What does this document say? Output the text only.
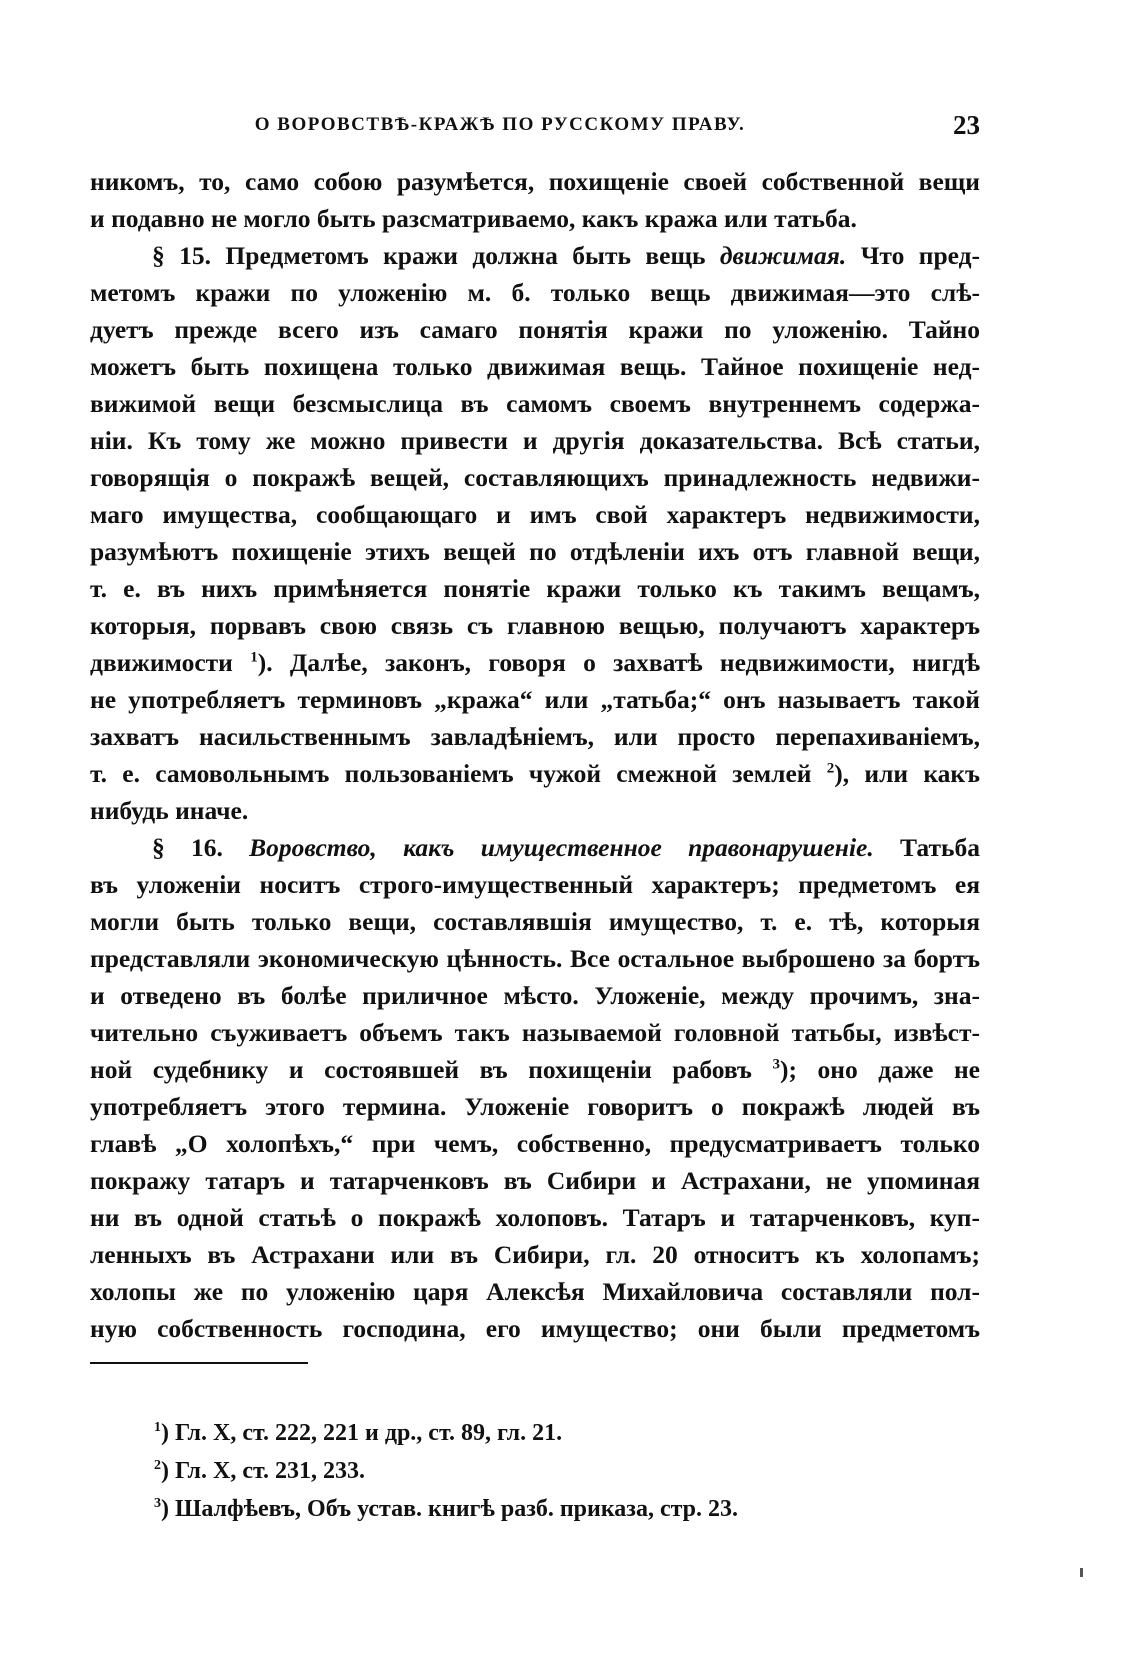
О ВОРОВСТВѢ-КРАЖѢ ПО РУССКОМУ ПРАВУ.	23

никомъ, то, само собою разумѣется, похищеніе своей собственной вещи
и подавно не могло быть разсматриваемо, какъ кража или татьба.

§ 15. Предметомъ кражи должна быть вещь движимая. Что пред-
метомъ кражи по уложенію м. б. только вещь движимая—это слѣ-
дуетъ прежде всего изъ самаго понятія кражи по уложенію. Тайно
можетъ быть похищена только движимая вещь. Тайное похищеніе нед-
вижимой вещи безсмыслица въ самомъ своемъ внутреннемъ содержа-
ніи. Къ тому же можно привести и другія доказательства. Всѣ статьи,
говорящія о покражѣ вещей, составляющихъ принадлежность недвижи-
маго имущества, сообщающаго и имъ свой характеръ недвижимости,
разумѣютъ похищеніе этихъ вещей по отдѣленіи ихъ отъ главной вещи,
т. е. въ нихъ примѣняется понятіе кражи только къ такимъ вещамъ,
которыя, порвавъ свою связь съ главною вещью, получаютъ характеръ
движимости $^1$). Далѣе, законъ, говоря о захватѣ недвижимости, нигдѣ
не употребляетъ терминовъ „кража“ или „татьба;“ онъ называетъ такой
захватъ насильственнымъ завладѣніемъ, или просто перепахиваніемъ,
т. е. самовольнымъ пользованіемъ чужой смежной землей $^2$), или какъ
нибудь иначе.

§ 16. Воровство, какъ имущественное правонарушеніе. Татьба
въ уложеніи носитъ строго-имущественный характеръ; предметомъ ея
могли быть только вещи, составлявшія имущество, т. е. тѣ, которыя
представляли экономическую цѣнность. Все остальное выброшено за бортъ
и отведено въ болѣе приличное мѣсто. Уложеніе, между прочимъ, зна-
чительно съуживаетъ объемъ такъ называемой головной татьбы, извѣст-
ной судебнику и состоявшей въ похищеніи рабовъ $^3$); оно даже не
употребляетъ этого термина. Уложеніе говоритъ о покражѣ людей въ
главѣ „О холопѣхъ,“ при чемъ, собственно, предусматриваетъ только
покражу татаръ и татарченковъ въ Сибири и Астрахани, не упоминая
ни въ одной статьѣ о покражѣ холоповъ. Татаръ и татарченковъ, куп-
ленныхъ въ Астрахани или въ Сибири, гл. 20 относитъ къ холопамъ;
холопы же по уложенію царя Алексѣя Михайловича составляли пол-
ную собственность господина, его имущество; они были предметомъ

$^1$) Гл. X, ст. 222, 221 и др., ст. 89, гл. 21.
$^2$) Гл. X, ст. 231, 233.
$^3$) Шалфѣевъ, Объ устав. книгѣ разб. приказа, стр. 23.
